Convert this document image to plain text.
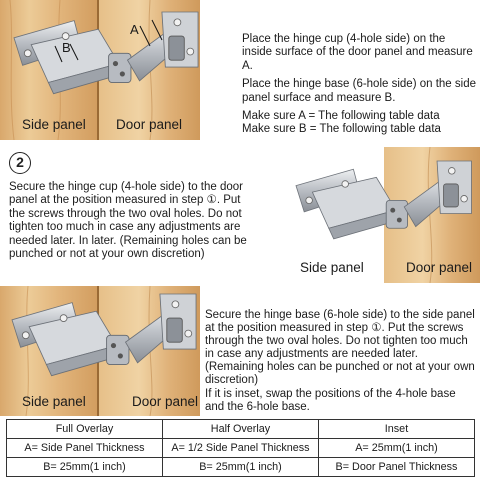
A
B
Side panel Door panel

Place the hinge cup (4-hole side) on the inside surface of the door panel and measure A.

Place the hinge base (6-hole side) on the side panel surface and measure B.

Make sure A = The following table data

Make sure B = The following table data

2

Secure the hinge cup (4-hole side) to the door panel at the position measured in step ①. Put the screws through the two oval holes. Do not tighten too much in case any adjustments are needed later. In later. (Remaining holes can be punched or not at your own discretion)

Side panel	Door panel
Side panel	Door panel

Secure the hinge base (6-hole side) to the side panel at the position measured in step ①. Put the screws through the two oval holes. Do not tighten too much in case any adjustments are needed later.

(Remaining holes can be punched or not at your own discretion)

If it is inset, swap the positions of the 4-hole base and the 6-hole base.

Full Overlay	Half Overlay	Inset
A= Side Panel Thickness	A= 1/2 Side Panel Thickness	A= 25mm(1 inch)
B= 25mm(1 inch)	B= 25mm(1 inch)	B= Door Panel Thickness
